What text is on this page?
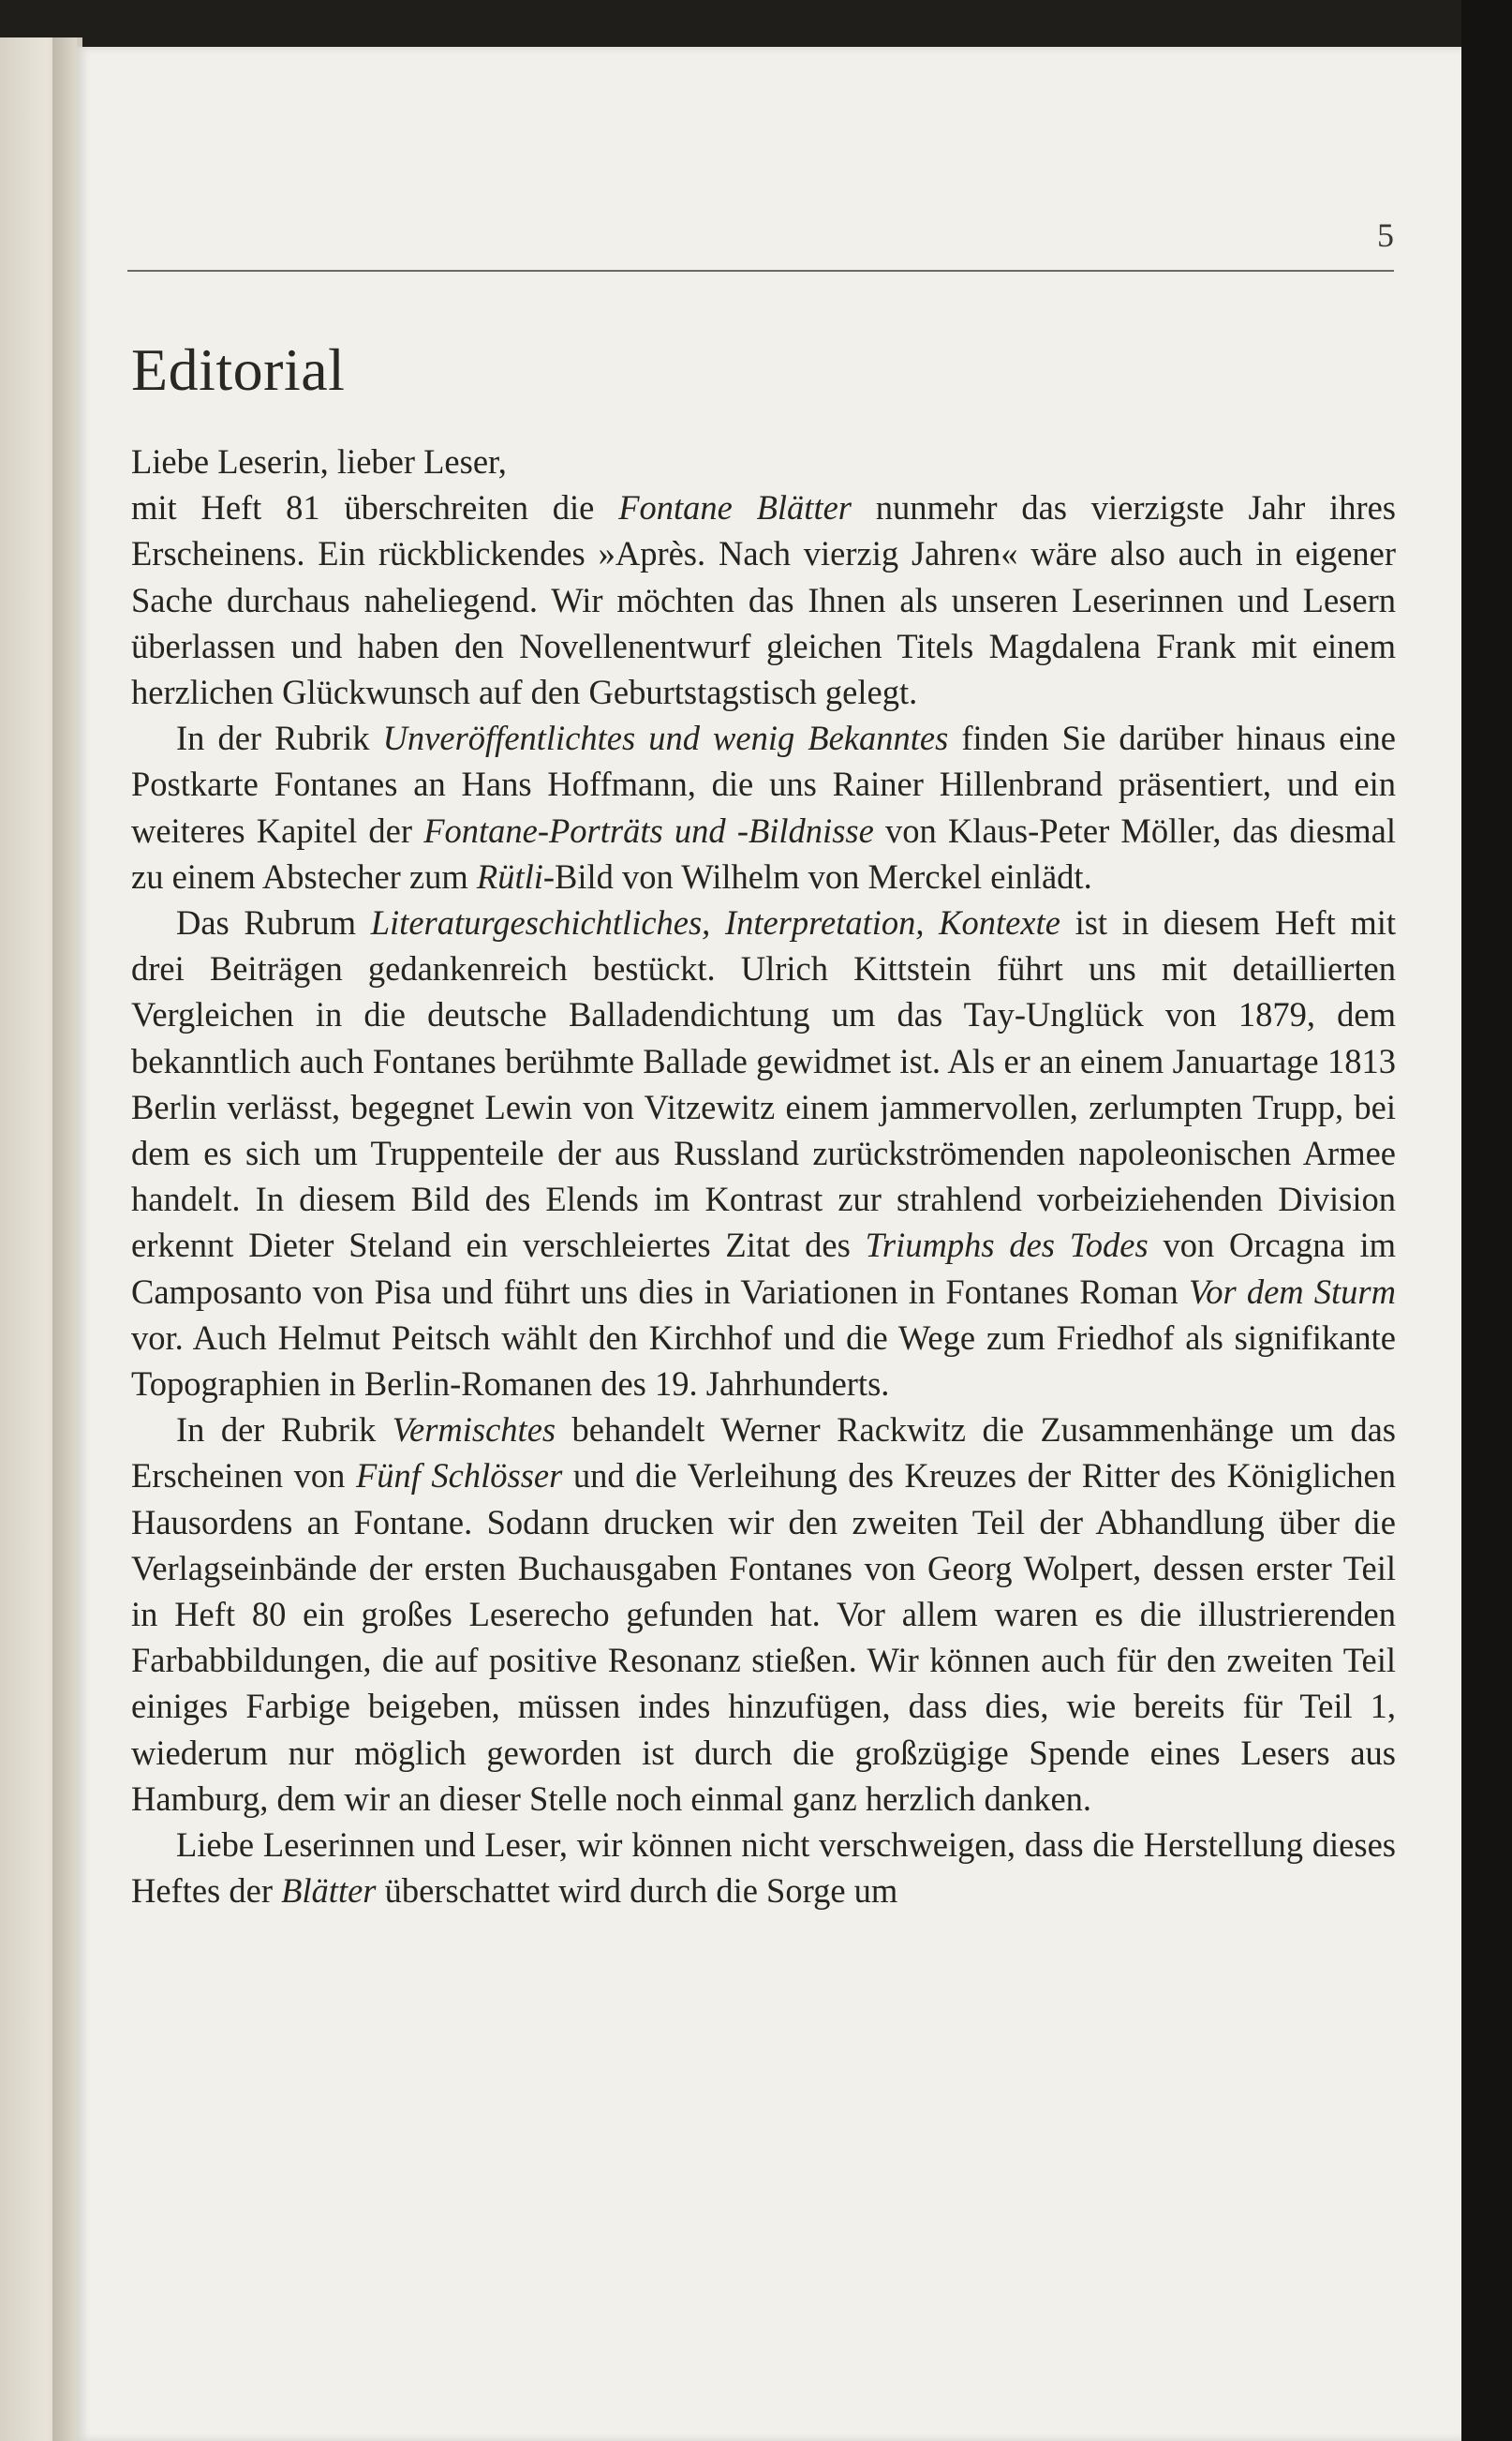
5
Editorial

Liebe Leserin, lieber Leser,

mit Heft 81 überschreiten die Fontane Blätter nunmehr das vierzigste Jahr ihres Erscheinens. Ein rückblickendes »Après. Nach vierzig Jahren« wäre also auch in eigener Sache durchaus naheliegend. Wir möchten das Ihnen als unseren Leserinnen und Lesern überlassen und haben den Novellenentwurf gleichen Titels Magdalena Frank mit einem herzlichen Glückwunsch auf den Geburtstagstisch gelegt.

In der Rubrik Unveröffentlichtes und wenig Bekanntes finden Sie darüber hinaus eine Postkarte Fontanes an Hans Hoffmann, die uns Rainer Hillenbrand präsentiert, und ein weiteres Kapitel der Fontane-Porträts und -Bildnisse von Klaus-Peter Möller, das diesmal zu einem Abstecher zum Rütli-Bild von Wilhelm von Merckel einlädt.

Das Rubrum Literaturgeschichtliches, Interpretation, Kontexte ist in diesem Heft mit drei Beiträgen gedankenreich bestückt. Ulrich Kittstein führt uns mit detaillierten Vergleichen in die deutsche Balladendichtung um das Tay-Unglück von 1879, dem bekanntlich auch Fontanes berühmte Ballade gewidmet ist. Als er an einem Januartage 1813 Berlin verlässt, begegnet Lewin von Vitzewitz einem jammervollen, zerlumpten Trupp, bei dem es sich um Truppenteile der aus Russland zurückströmenden napoleonischen Armee handelt. In diesem Bild des Elends im Kontrast zur strahlend vorbeiziehenden Division erkennt Dieter Steland ein verschleiertes Zitat des Triumphs des Todes von Orcagna im Camposanto von Pisa und führt uns dies in Variationen in Fontanes Roman Vor dem Sturm vor. Auch Helmut Peitsch wählt den Kirchhof und die Wege zum Friedhof als signifikante Topographien in Berlin-Romanen des 19. Jahrhunderts.

In der Rubrik Vermischtes behandelt Werner Rackwitz die Zusammenhänge um das Erscheinen von Fünf Schlösser und die Verleihung des Kreuzes der Ritter des Königlichen Hausordens an Fontane. Sodann drucken wir den zweiten Teil der Abhandlung über die Verlagseinbände der ersten Buchausgaben Fontanes von Georg Wolpert, dessen erster Teil in Heft 80 ein großes Leserecho gefunden hat. Vor allem waren es die illustrierenden Farbabbildungen, die auf positive Resonanz stießen. Wir können auch für den zweiten Teil einiges Farbige beigeben, müssen indes hinzufügen, dass dies, wie bereits für Teil 1, wiederum nur möglich geworden ist durch die großzügige Spende eines Lesers aus Hamburg, dem wir an dieser Stelle noch einmal ganz herzlich danken.

Liebe Leserinnen und Leser, wir können nicht verschweigen, dass die Herstellung dieses Heftes der Blätter überschattet wird durch die Sorge um
